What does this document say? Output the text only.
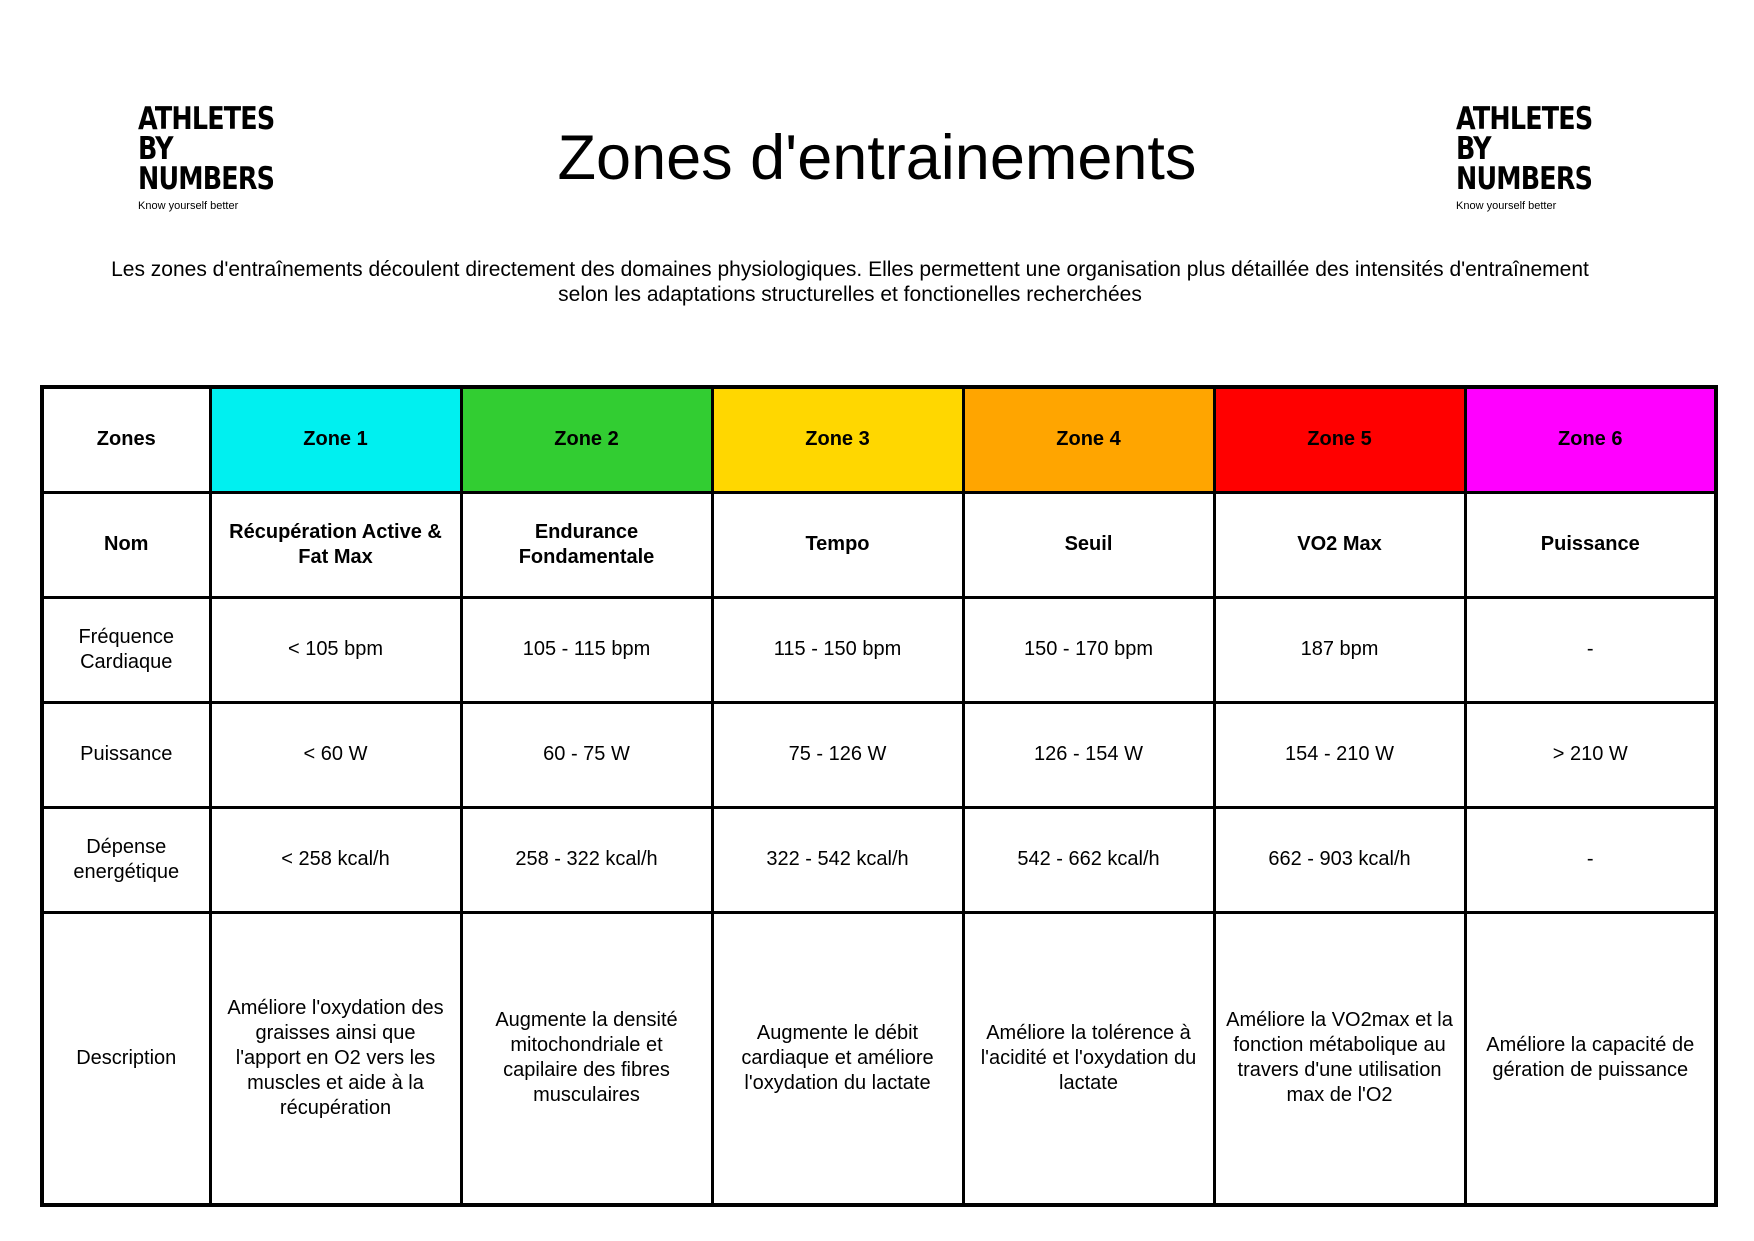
ATHLETES
BY
NUMBERS
Know yourself better
Zones d'entrainements
ATHLETES
BY
NUMBERS
Know yourself better

Les zones d'entraînements découlent directement des domaines physiologiques. Elles permettent une organisation plus détaillée des intensités d'entraînement selon les adaptations structurelles et fonctionelles recherchées

Zones	Zone 1	Zone 2	Zone 3	Zone 4	Zone 5	Zone 6
Nom	Récupération Active & Fat Max	Endurance Fondamentale	Tempo	Seuil	VO2 Max	Puissance
Fréquence Cardiaque	< 105 bpm	105 - 115 bpm	115 - 150 bpm	150 - 170 bpm	187 bpm	-
Puissance	< 60 W	60 - 75 W	75 - 126 W	126 - 154 W	154 - 210 W	> 210 W
Dépense energétique	< 258 kcal/h	258 - 322 kcal/h	322 - 542 kcal/h	542 - 662 kcal/h	662 - 903 kcal/h	-
Description	Améliore l'oxydation des graisses ainsi que l'apport en O2 vers les muscles et aide à la récupération	Augmente la densité mitochondriale et capilaire des fibres musculaires	Augmente le débit cardiaque et améliore l'oxydation du lactate	Améliore la tolérence à l'acidité et l'oxydation du lactate	Améliore la VO2max et la fonction métabolique au travers d'une utilisation max de l'O2	Améliore la capacité de gération de puissance
